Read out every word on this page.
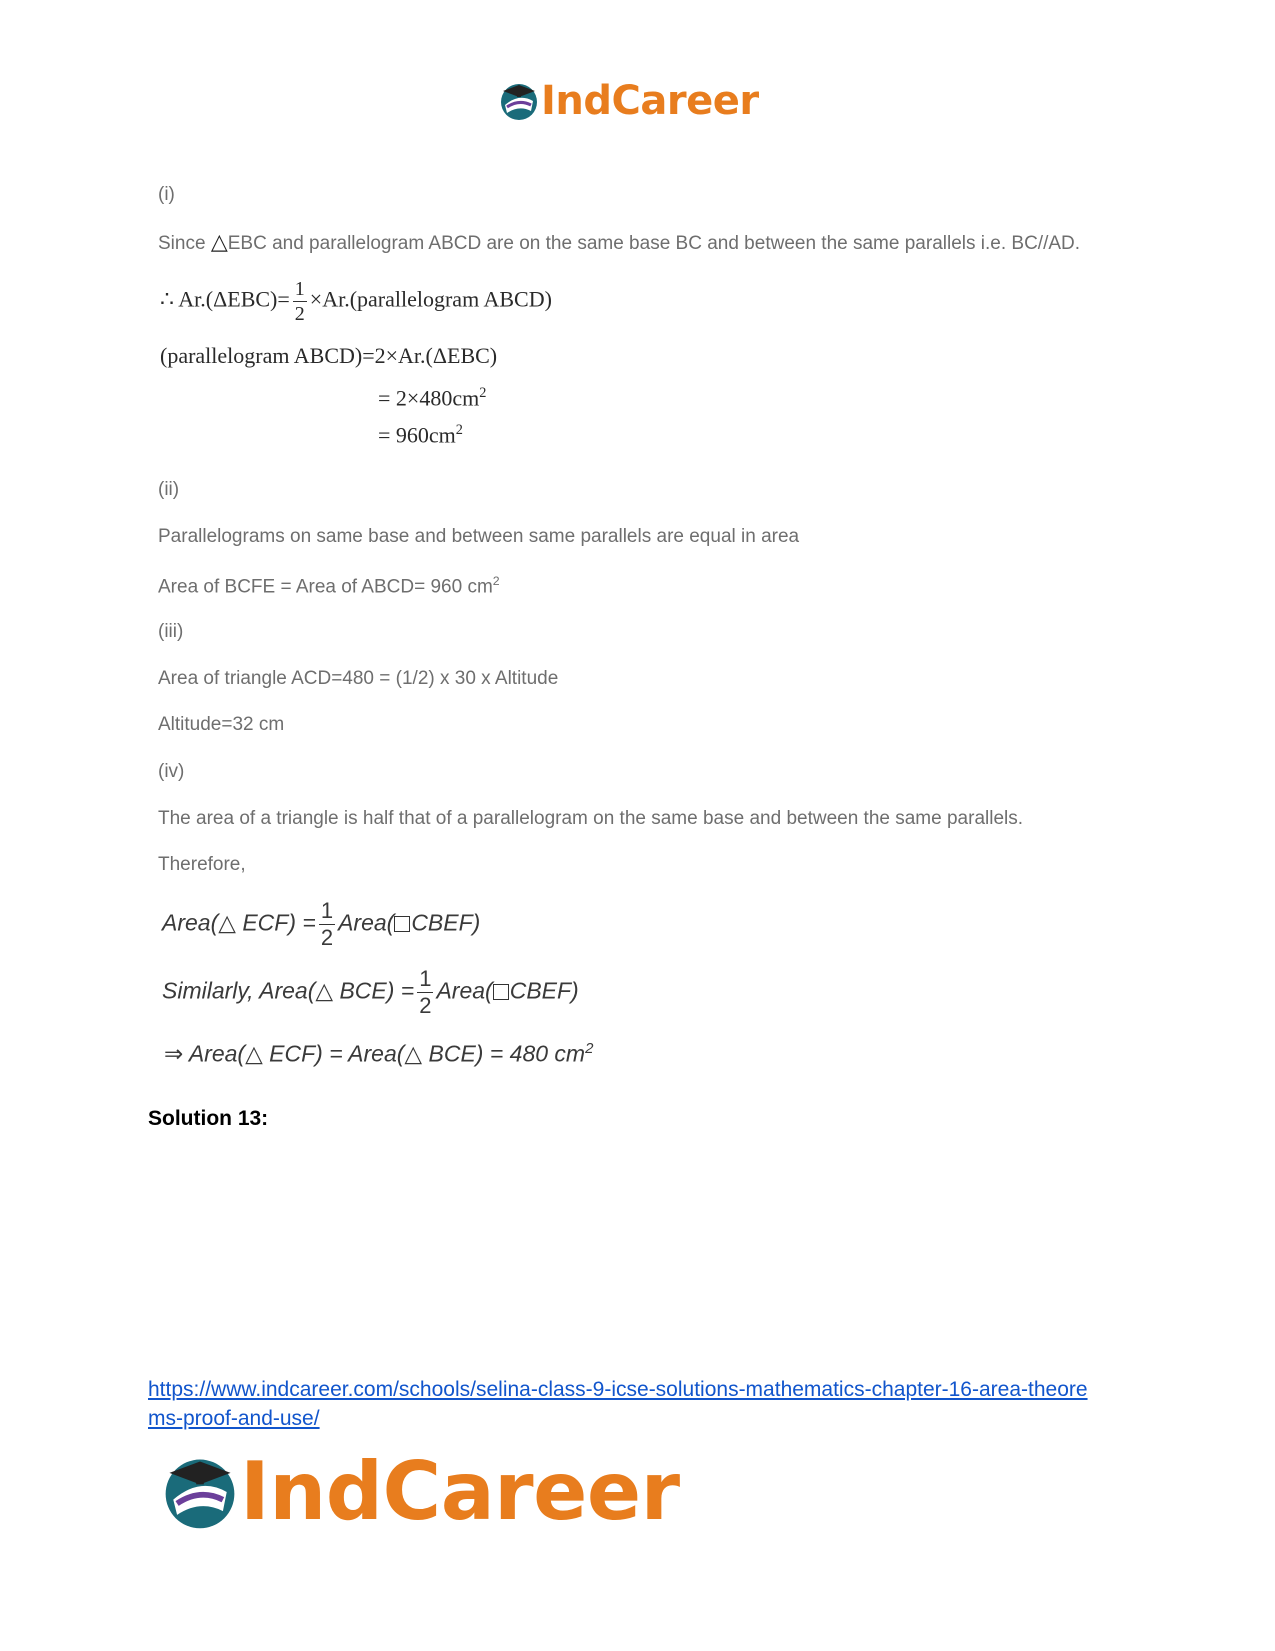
IndCareer
(i)
Since △EBC and parallelogram ABCD are on the same base BC and between the same parallels i.e. BC//AD.
∴ $Ar.(\Delta EBC)= \frac{1}{2}$ ×Ar.(parallelogram ABCD)
(parallelogram ABCD)=2×Ar.(ΔEBC)
= $2\times 480cm^2$
= $960cm^2$
(ii)
Parallelograms on same base and between same parallels are equal in area
Area of BCFE = Area of ABCD= 960 $cm^2$
(iii)
Area of triangle ACD=480 = (1/2) x 30 x Altitude
Altitude=32 cm
(iv)
The area of a triangle is half that of a parallelogram on the same base and between the same parallels.
Therefore,
Area(△ $ECF) = \frac{1}{2}$ Area( CBEF)
Similarly, Area(△ $BCE) = \frac{1}{2}$ Area( CBEF)
⇒ Area(△ ECF) = Area(△ BCE) = 480 $cm^2$
Solution 13:
https://www.indcareer.com/schools/selina-class-9-icse-solutions-mathematics-chapter-16-area-theorems-proof-and-use/
IndCareer
